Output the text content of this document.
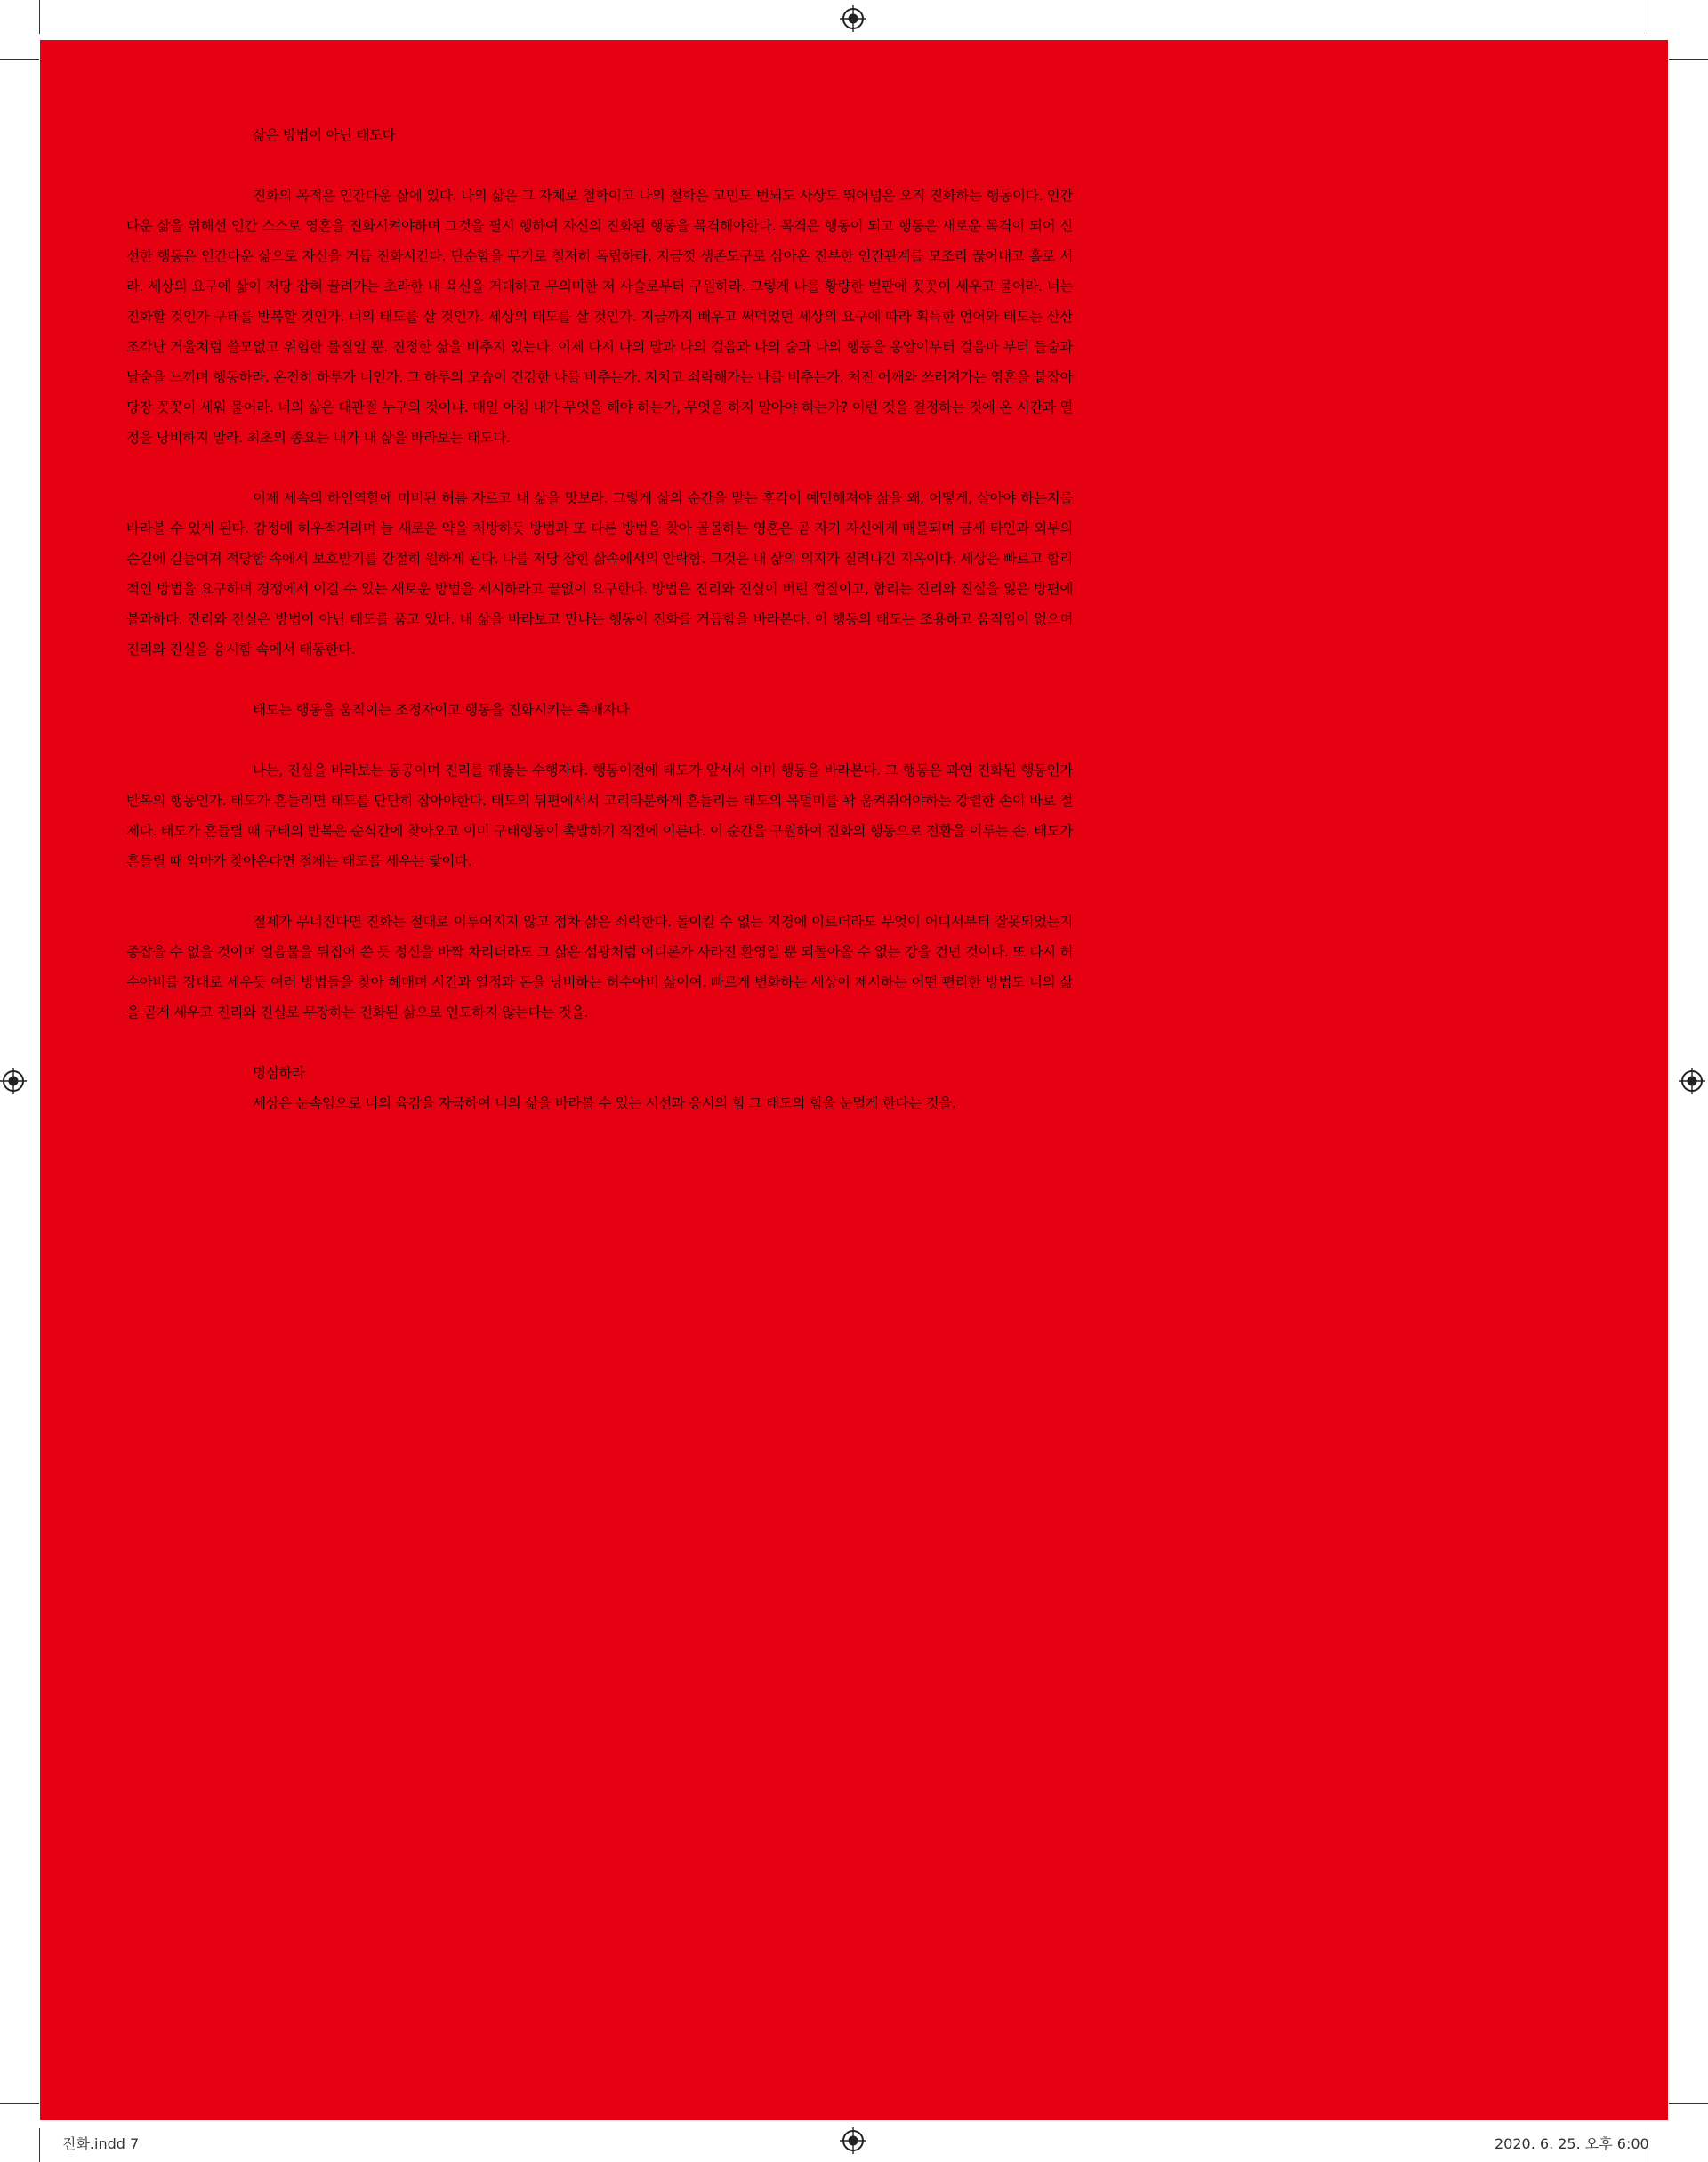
삶은 방법이 아닌 태도다

진화의 목적은 인간다운 삶에 있다. 나의 삶은 그 자체로 철학이고 나의 철학은 고민도 번뇌도 사상도 뛰어넘은 오직 진화하는 행동이다. 인간다운 삶을 위해선 인간 스스로 영혼을 진화시켜야하며 그것을 필시 행하여 자신의 진화된 행동을 목격해야한다. 목격은 행동이 되고 행동은 새로운 목격이 되어 신선한 행동은 인간다운 삶으로 자신을 거듭 진화시킨다. 단순함을 무기로 철저히 독립하라. 지금껏 생존도구로 삼아온 진부한 인간관계를 모조리 끊어내고 홀로 서라. 세상의 요구에 삶이 저당 잡혀 끌려가는 초라한 내 육신을 거대하고 무의미한 저 사슬로부터 구원하라. 그렇게 나를 황량한 벌판에 꼿꼿이 세우고 물어라. 너는 진화할 것인가 구태를 반복할 것인가. 너의 태도를 살 것인가. 세상의 태도를 살 것인가. 지금까지 배우고 써먹었던 세상의 요구에 따라 획득한 언어와 태도는 산산 조각난 거울처럼 쓸모없고 위험한 물질일 뿐. 진정한 삶을 비추지 있는다. 이제 다시 나의 말과 나의 걸음과 나의 숨과 나의 행동을 옹알이부터 걸음마 부터 들숨과 날숨을 느끼며 행동하라. 온전히 하루가 너인가. 그 하루의 모습이 건강한 나를 비추는가. 지치고 쇠락해가는 나를 비추는가. 처진 어깨와 쓰러져가는 영혼을 붙잡아 당장 꼿꼿이 세워 물어라. 너의 삶은 대관절 누구의 것이냐. 매일 아침 내가 무엇을 해야 하는가, 무엇을 하지 말아야 하는가? 이런 것을 결정하는 것에 온 시간과 열정을 낭비하지 말라. 최초의 종요는 내가 내 삶을 바라보는 태도다.

이제 세속의 하인역할에 미비된 허름 자르고 내 삶을 맛보라. 그렇게 삶의 순간을 맡는 후각이 예민해져야 삶을 왜, 어떻게, 살아야 하는지를 바라볼 수 있게 된다. 감정에 허우적거리며 늘 새로운 약을 처방하듯 방법과 또 다른 방법을 찾아 골몰하는 영혼은 곧 자기 자신에게 매몰되며 금세 타인과 외부의 손길에 길들여져 적당함 속에서 보호받기를 간절히 원하게 된다. 나를 저당 잡힌 삶속에서의 안락함. 그것은 내 삶의 의지가 질려나긴 지옥이다. 세상은 빠르고 합리적인 방법을 요구하며 경쟁에서 이길 수 있는 새로운 방법을 제시하라고 끝없이 요구한다. 방법은 진리와 진실이 버린 껍질이고, 합리는 진리와 진실을 잃은 방편에 불과하다. 진리와 진실은 방법이 아닌 태도를 품고 있다. 내 삶을 바라보고 만나는 행동이 진화를 거듭함을 바라본다. 이 행동의 태도는 조용하고 움직임이 없으며 진리와 진실을 응시함 속에서 태동한다.

태도는 행동을 움직이는 조정자이고 행동을 진화시키는 촉매자다

나는, 진실을 바라보는 동공이며 진리를 꿰뚫는 수행자다. 행동이전에 태도가 앞서서 이미 행동을 바라본다. 그 행동은 과연 진화된 행동인가 반복의 행동인가. 태도가 흔들리면 태도를 단단히 잡아야한다. 태도의 뒤편에서서 고리타분하게 흔들리는 태도의 목덜미를 꽉 움켜쥐어야하는 강렬한 손이 바로 절제다. 태도가 흔들릴 때 구태의 반복은 순식간에 찾아오고 이미 구태행동이 촉발하기 직전에 이른다. 이 순간을 구원하여 진화의 행동으로 전환을 이루는 손. 태도가 흔들릴 때 악마가 찾아온다면 절제는 태도를 세우는 닻이다.

절제가 무너진다면 진화는 절대로 이루어지지 않고 점차 삶은 쇠락한다. 돌이킬 수 없는 지경에 이르더라도 무엇이 어디서부터 잘못되었는지 종잡을 수 없을 것이며 얼음물을 뒤집어 쓴 듯 정신을 바짝 차리더라도 그 삶은 섬광처럼 어디론가 사라진 환영일 뿐 되돌아올 수 없는 강을 건넌 것이다. 또 다시 허수아비를 장대로 세우듯 여러 방법들을 찾아 헤매며 시간과 열정과 돈을 낭비하는 허수아비 삶이여. 빠르게 변화하는 세상이 제시하는 어떤 편리한 방법도 너의 삶을 곧게 세우고 진리와 진실로 무장하는 진화된 삶으로 인도하지 않는다는 것을.

명심하라

세상은 눈속임으로 너의 육감을 자극하여 너의 삶을 바라볼 수 있는 시선과 응시의 힘 그 태도의 힘을 눈멀게 한다는 것을.

진화.indd 7	2020. 6. 25. 오후 6:00
